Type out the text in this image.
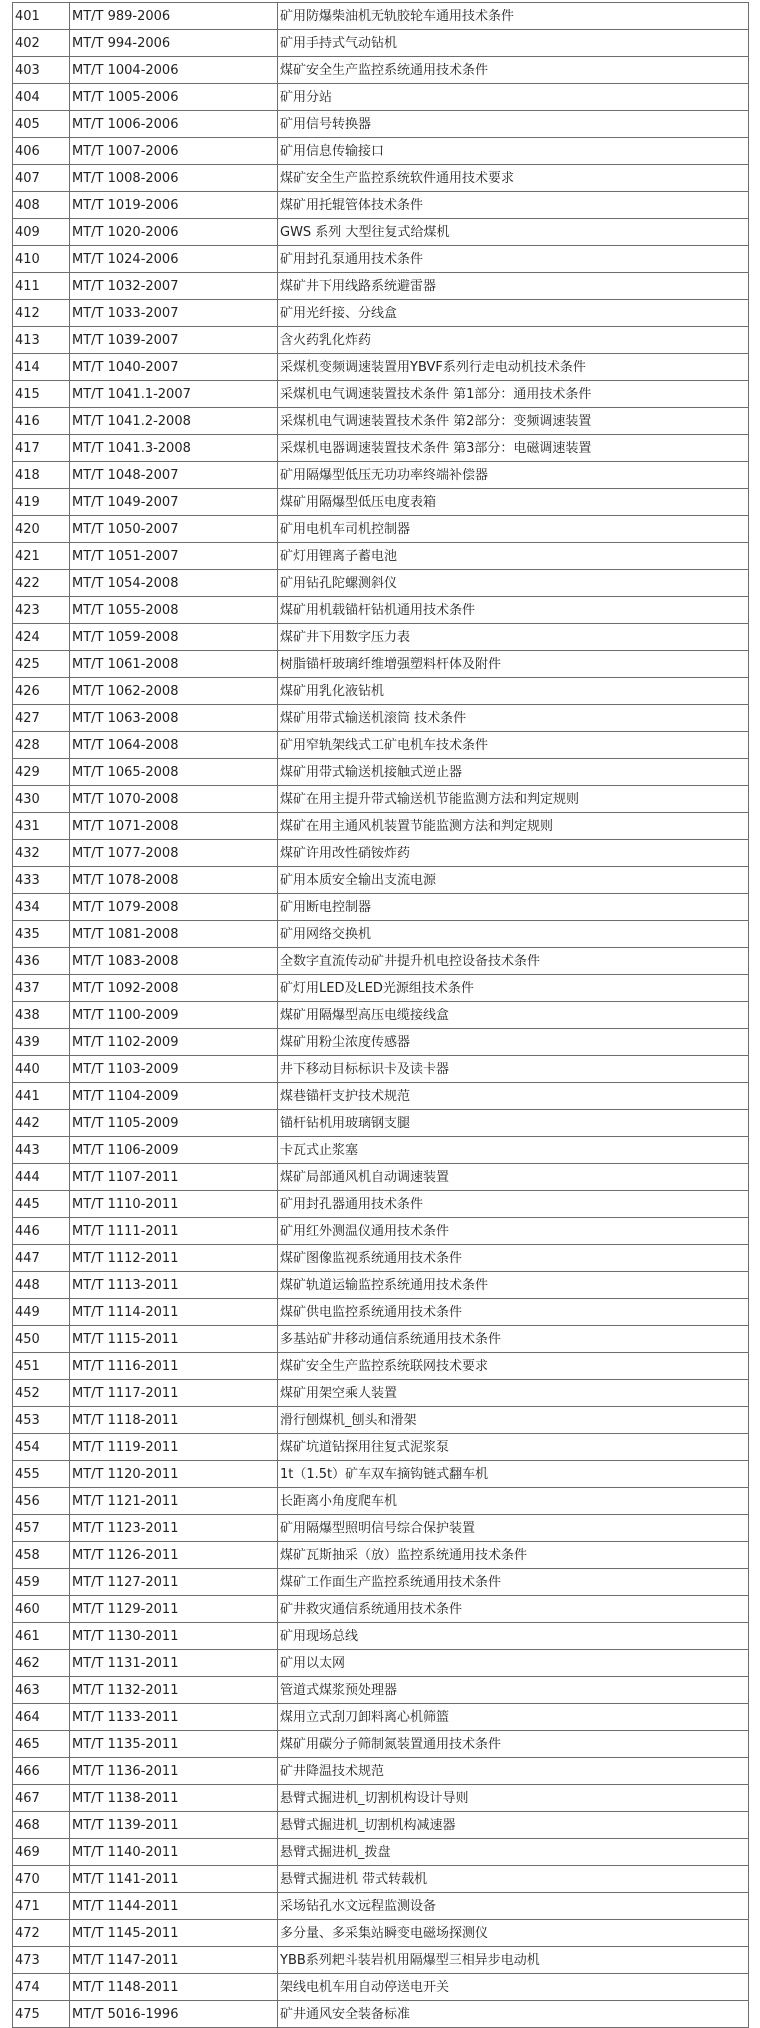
401	MT/T 989-2006	矿用防爆柴油机无轨胶轮车通用技术条件
402	MT/T 994-2006	矿用手持式气动钻机
403	MT/T 1004-2006	煤矿安全生产监控系统通用技术条件
404	MT/T 1005-2006	矿用分站
405	MT/T 1006-2006	矿用信号转换器
406	MT/T 1007-2006	矿用信息传输接口
407	MT/T 1008-2006	煤矿安全生产监控系统软件通用技术要求
408	MT/T 1019-2006	煤矿用托辊管体技术条件
409	MT/T 1020-2006	GWS 系列 大型往复式给煤机
410	MT/T 1024-2006	矿用封孔泵通用技术条件
411	MT/T 1032-2007	煤矿井下用线路系统避雷器
412	MT/T 1033-2007	矿用光纤接、分线盒
413	MT/T 1039-2007	含火药乳化炸药
414	MT/T 1040-2007	采煤机变频调速装置用YBVF系列行走电动机技术条件
415	MT/T 1041.1-2007	采煤机电气调速装置技术条件 第1部分：通用技术条件
416	MT/T 1041.2-2008	采煤机电气调速装置技术条件 第2部分：变频调速装置
417	MT/T 1041.3-2008	采煤机电器调速装置技术条件 第3部分：电磁调速装置
418	MT/T 1048-2007	矿用隔爆型低压无功功率终端补偿器
419	MT/T 1049-2007	煤矿用隔爆型低压电度表箱
420	MT/T 1050-2007	矿用电机车司机控制器
421	MT/T 1051-2007	矿灯用锂离子蓄电池
422	MT/T 1054-2008	矿用钻孔陀螺测斜仪
423	MT/T 1055-2008	煤矿用机载锚杆钻机通用技术条件
424	MT/T 1059-2008	煤矿井下用数字压力表
425	MT/T 1061-2008	树脂锚杆玻璃纤维增强塑料杆体及附件
426	MT/T 1062-2008	煤矿用乳化液钻机
427	MT/T 1063-2008	煤矿用带式输送机滚筒 技术条件
428	MT/T 1064-2008	矿用窄轨架线式工矿电机车技术条件
429	MT/T 1065-2008	煤矿用带式输送机接触式逆止器
430	MT/T 1070-2008	煤矿在用主提升带式输送机节能监测方法和判定规则
431	MT/T 1071-2008	煤矿在用主通风机装置节能监测方法和判定规则
432	MT/T 1077-2008	煤矿许用改性硝铵炸药
433	MT/T 1078-2008	矿用本质安全输出支流电源
434	MT/T 1079-2008	矿用断电控制器
435	MT/T 1081-2008	矿用网络交换机
436	MT/T 1083-2008	全数字直流传动矿井提升机电控设备技术条件
437	MT/T 1092-2008	矿灯用LED及LED光源组技术条件
438	MT/T 1100-2009	煤矿用隔爆型高压电缆接线盒
439	MT/T 1102-2009	煤矿用粉尘浓度传感器
440	MT/T 1103-2009	井下移动目标标识卡及读卡器
441	MT/T 1104-2009	煤巷锚杆支护技术规范
442	MT/T 1105-2009	锚杆钻机用玻璃钢支腿
443	MT/T 1106-2009	卡瓦式止浆塞
444	MT/T 1107-2011	煤矿局部通风机自动调速装置
445	MT/T 1110-2011	矿用封孔器通用技术条件
446	MT/T 1111-2011	矿用红外测温仪通用技术条件
447	MT/T 1112-2011	煤矿图像监视系统通用技术条件
448	MT/T 1113-2011	煤矿轨道运输监控系统通用技术条件
449	MT/T 1114-2011	煤矿供电监控系统通用技术条件
450	MT/T 1115-2011	多基站矿井移动通信系统通用技术条件
451	MT/T 1116-2011	煤矿安全生产监控系统联网技术要求
452	MT/T 1117-2011	煤矿用架空乘人装置
453	MT/T 1118-2011	滑行刨煤机_刨头和滑架
454	MT/T 1119-2011	煤矿坑道钻探用往复式泥浆泵
455	MT/T 1120-2011	1t（1.5t）矿车双车摘钩链式翻车机
456	MT/T 1121-2011	长距离小角度爬车机
457	MT/T 1123-2011	矿用隔爆型照明信号综合保护装置
458	MT/T 1126-2011	煤矿瓦斯抽采（放）监控系统通用技术条件
459	MT/T 1127-2011	煤矿工作面生产监控系统通用技术条件
460	MT/T 1129-2011	矿井救灾通信系统通用技术条件
461	MT/T 1130-2011	矿用现场总线
462	MT/T 1131-2011	矿用以太网
463	MT/T 1132-2011	管道式煤浆预处理器
464	MT/T 1133-2011	煤用立式刮刀卸料离心机筛篮
465	MT/T 1135-2011	煤矿用碳分子筛制氮装置通用技术条件
466	MT/T 1136-2011	矿井降温技术规范
467	MT/T 1138-2011	悬臂式掘进机_切割机构设计导则
468	MT/T 1139-2011	悬臂式掘进机_切割机构减速器
469	MT/T 1140-2011	悬臂式掘进机_拨盘
470	MT/T 1141-2011	悬臂式掘进机 带式转载机
471	MT/T 1144-2011	采场钻孔水文远程监测设备
472	MT/T 1145-2011	多分量、多采集站瞬变电磁场探测仪
473	MT/T 1147-2011	YBB系列耙斗装岩机用隔爆型三相异步电动机
474	MT/T 1148-2011	架线电机车用自动停送电开关
475	MT/T 5016-1996	矿井通风安全装备标准
